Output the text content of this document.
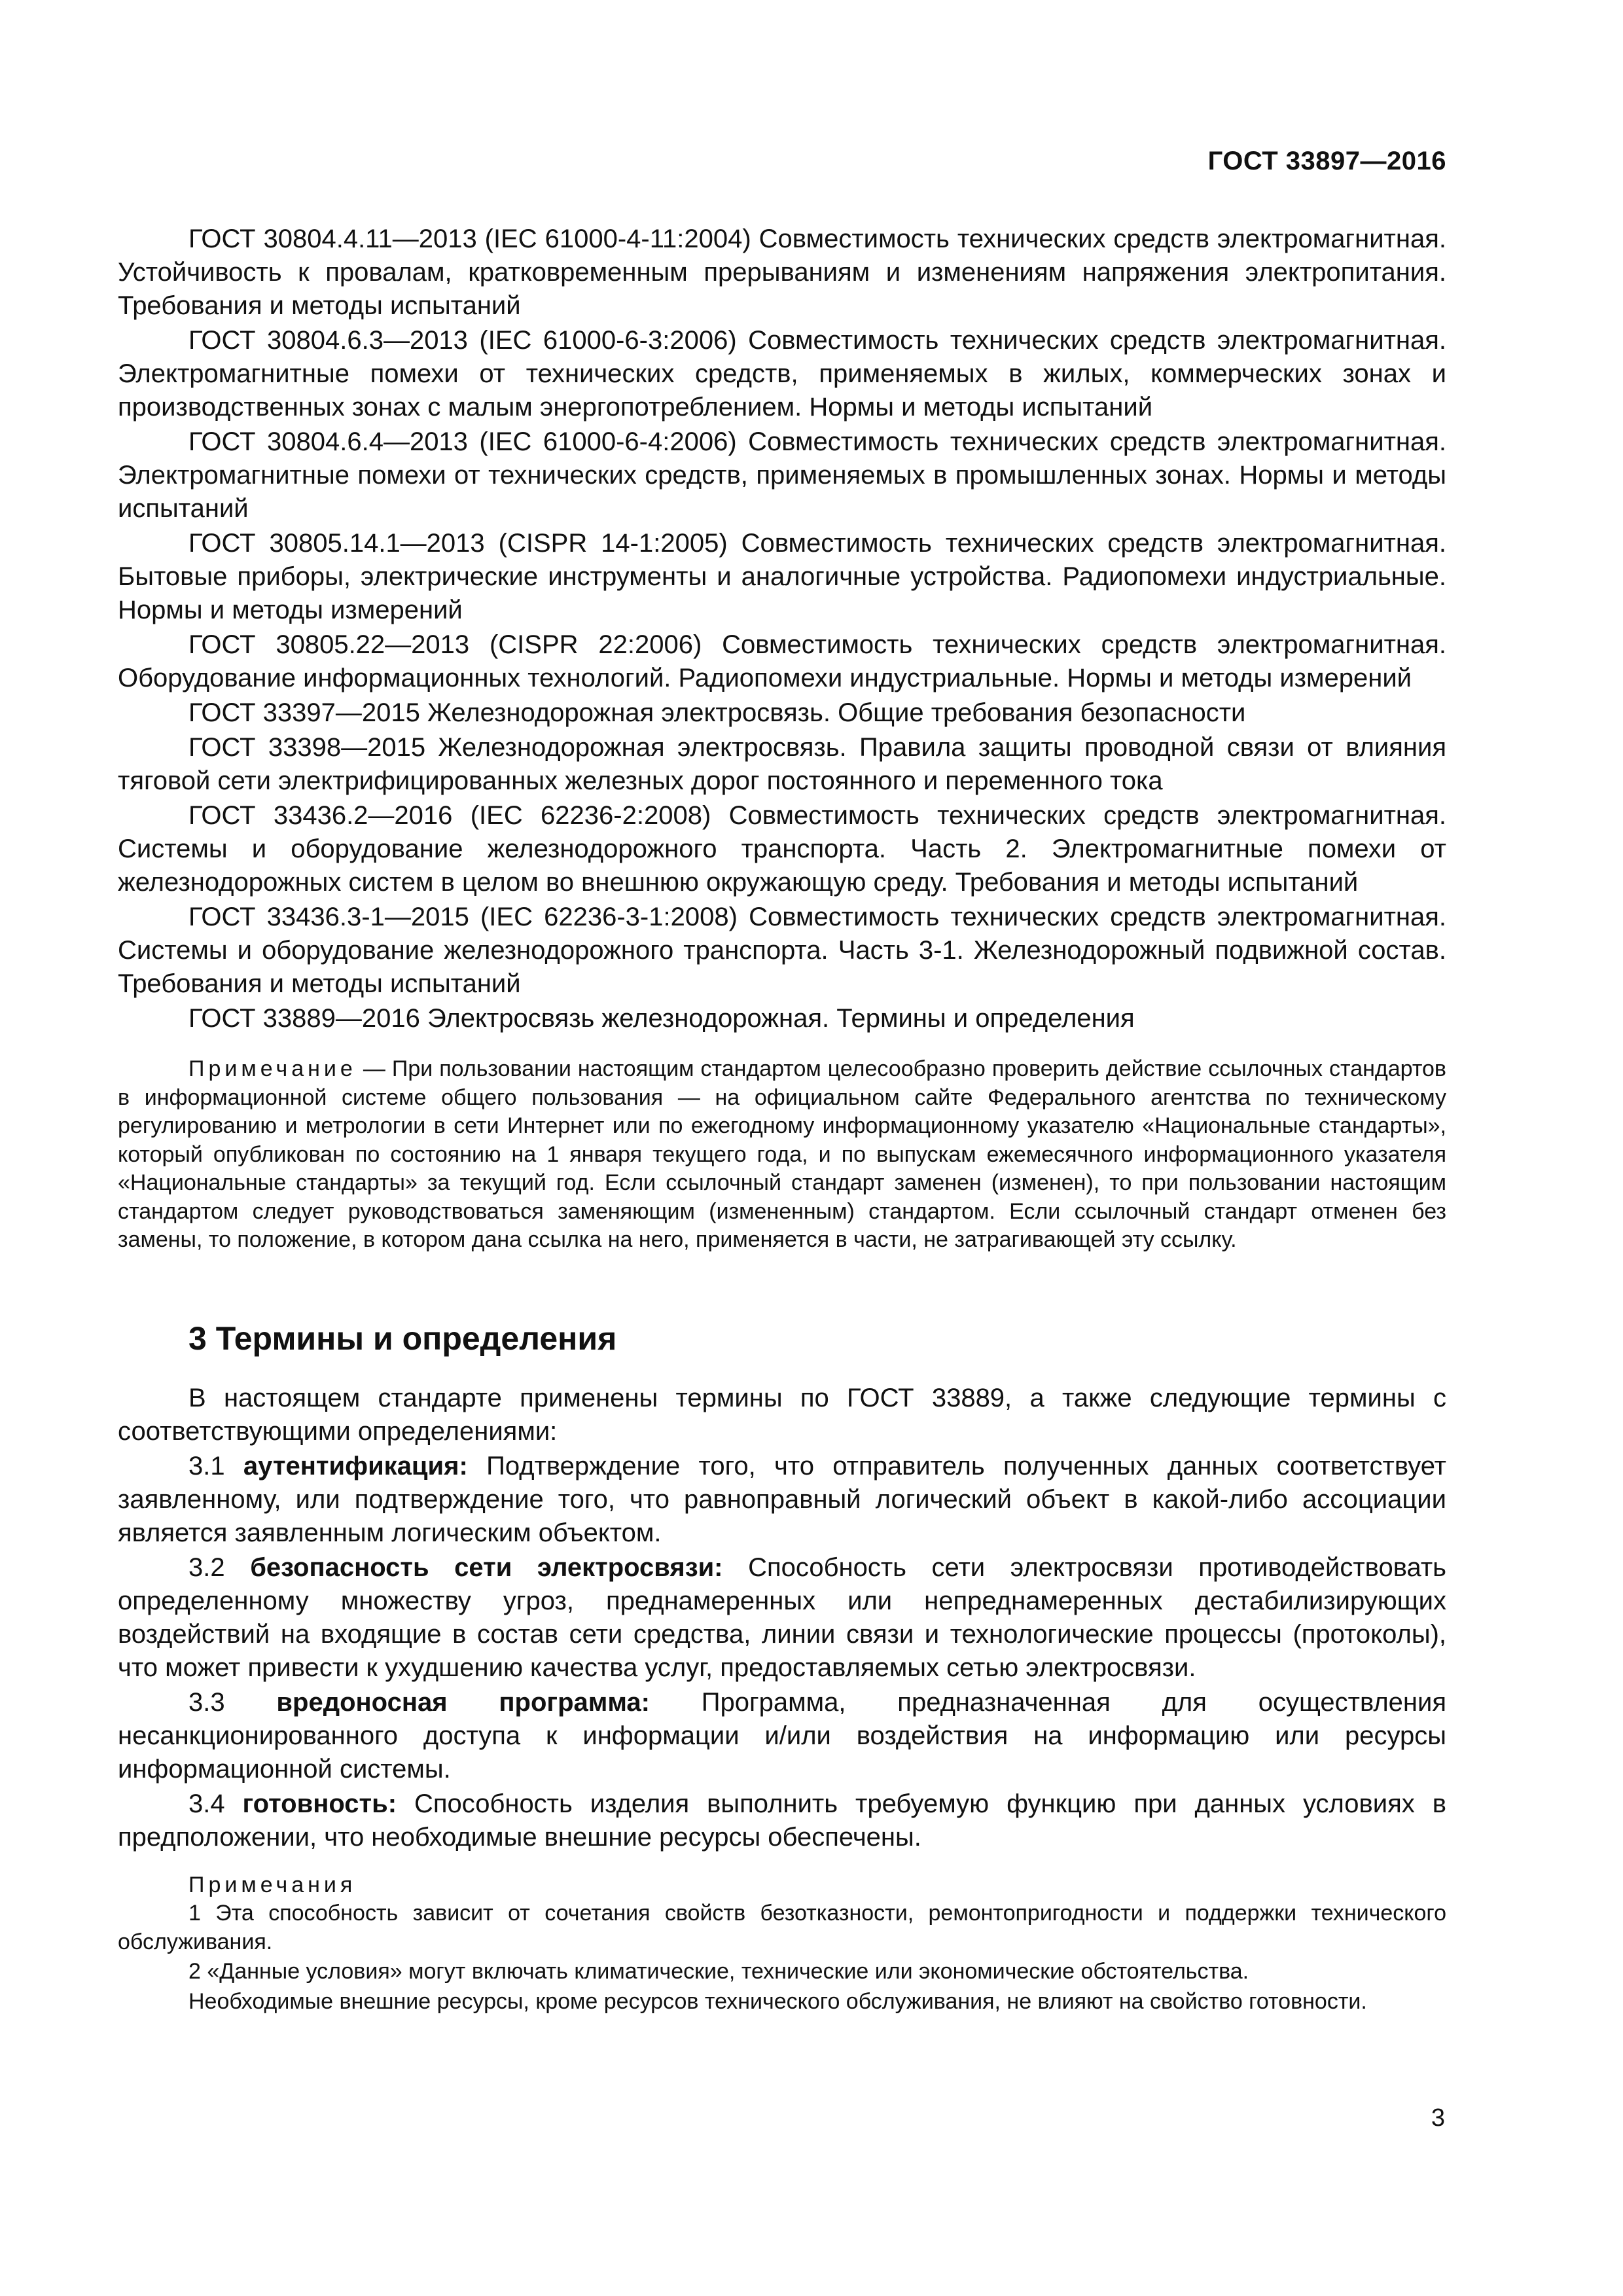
ГОСТ 33897—2016

ГОСТ 30804.4.11—2013 (IEC 61000-4-11:2004) Совместимость технических средств электромагнитная. Устойчивость к провалам, кратковременным прерываниям и изменениям напряжения электропитания. Требования и методы испытаний

ГОСТ 30804.6.3—2013 (IEC 61000-6-3:2006) Совместимость технических средств электромагнитная. Электромагнитные помехи от технических средств, применяемых в жилых, коммерческих зонах и производственных зонах с малым энергопотреблением. Нормы и методы испытаний

ГОСТ 30804.6.4—2013 (IEC 61000-6-4:2006) Совместимость технических средств электромагнитная. Электромагнитные помехи от технических средств, применяемых в промышленных зонах. Нормы и методы испытаний

ГОСТ 30805.14.1—2013 (CISPR 14-1:2005) Совместимость технических средств электромагнитная. Бытовые приборы, электрические инструменты и аналогичные устройства. Радиопомехи индустриальные. Нормы и методы измерений

ГОСТ 30805.22—2013 (CISPR 22:2006) Совместимость технических средств электромагнитная. Оборудование информационных технологий. Радиопомехи индустриальные. Нормы и методы измерений

ГОСТ 33397—2015 Железнодорожная электросвязь. Общие требования безопасности

ГОСТ 33398—2015 Железнодорожная электросвязь. Правила защиты проводной связи от влияния тяговой сети электрифицированных железных дорог постоянного и переменного тока

ГОСТ 33436.2—2016 (IEC 62236-2:2008) Совместимость технических средств электромагнитная. Системы и оборудование железнодорожного транспорта. Часть 2. Электромагнитные помехи от железнодорожных систем в целом во внешнюю окружающую среду. Требования и методы испытаний

ГОСТ 33436.3-1—2015 (IEC 62236-3-1:2008) Совместимость технических средств электромагнитная. Системы и оборудование железнодорожного транспорта. Часть 3-1. Железнодорожный подвижной состав. Требования и методы испытаний

ГОСТ 33889—2016 Электросвязь железнодорожная. Термины и определения

Примечание — При пользовании настоящим стандартом целесообразно проверить действие ссылочных стандартов в информационной системе общего пользования — на официальном сайте Федерального агентства по техническому регулированию и метрологии в сети Интернет или по ежегодному информационному указателю «Национальные стандарты», который опубликован по состоянию на 1 января текущего года, и по выпускам ежемесячного информационного указателя «Национальные стандарты» за текущий год. Если ссылочный стандарт заменен (изменен), то при пользовании настоящим стандартом следует руководствоваться заменяющим (измененным) стандартом. Если ссылочный стандарт отменен без замены, то положение, в котором дана ссылка на него, применяется в части, не затрагивающей эту ссылку.

3 Термины и определения

В настоящем стандарте применены термины по ГОСТ 33889, а также следующие термины с соответствующими определениями:

3.1 аутентификация: Подтверждение того, что отправитель полученных данных соответствует заявленному, или подтверждение того, что равноправный логический объект в какой-либо ассоциации является заявленным логическим объектом.

3.2 безопасность сети электросвязи: Способность сети электросвязи противодействовать определенному множеству угроз, преднамеренных или непреднамеренных дестабилизирующих воздействий на входящие в состав сети средства, линии связи и технологические процессы (протоколы), что может привести к ухудшению качества услуг, предоставляемых сетью электросвязи.

3.3 вредоносная программа: Программа, предназначенная для осуществления несанкционированного доступа к информации и/или воздействия на информацию или ресурсы информационной системы.

3.4 готовность: Способность изделия выполнить требуемую функцию при данных условиях в предположении, что необходимые внешние ресурсы обеспечены.

Примечания
1 Эта способность зависит от сочетания свойств безотказности, ремонтопригодности и поддержки технического обслуживания.
2 «Данные условия» могут включать климатические, технические или экономические обстоятельства.
Необходимые внешние ресурсы, кроме ресурсов технического обслуживания, не влияют на свойство готовности.
3
